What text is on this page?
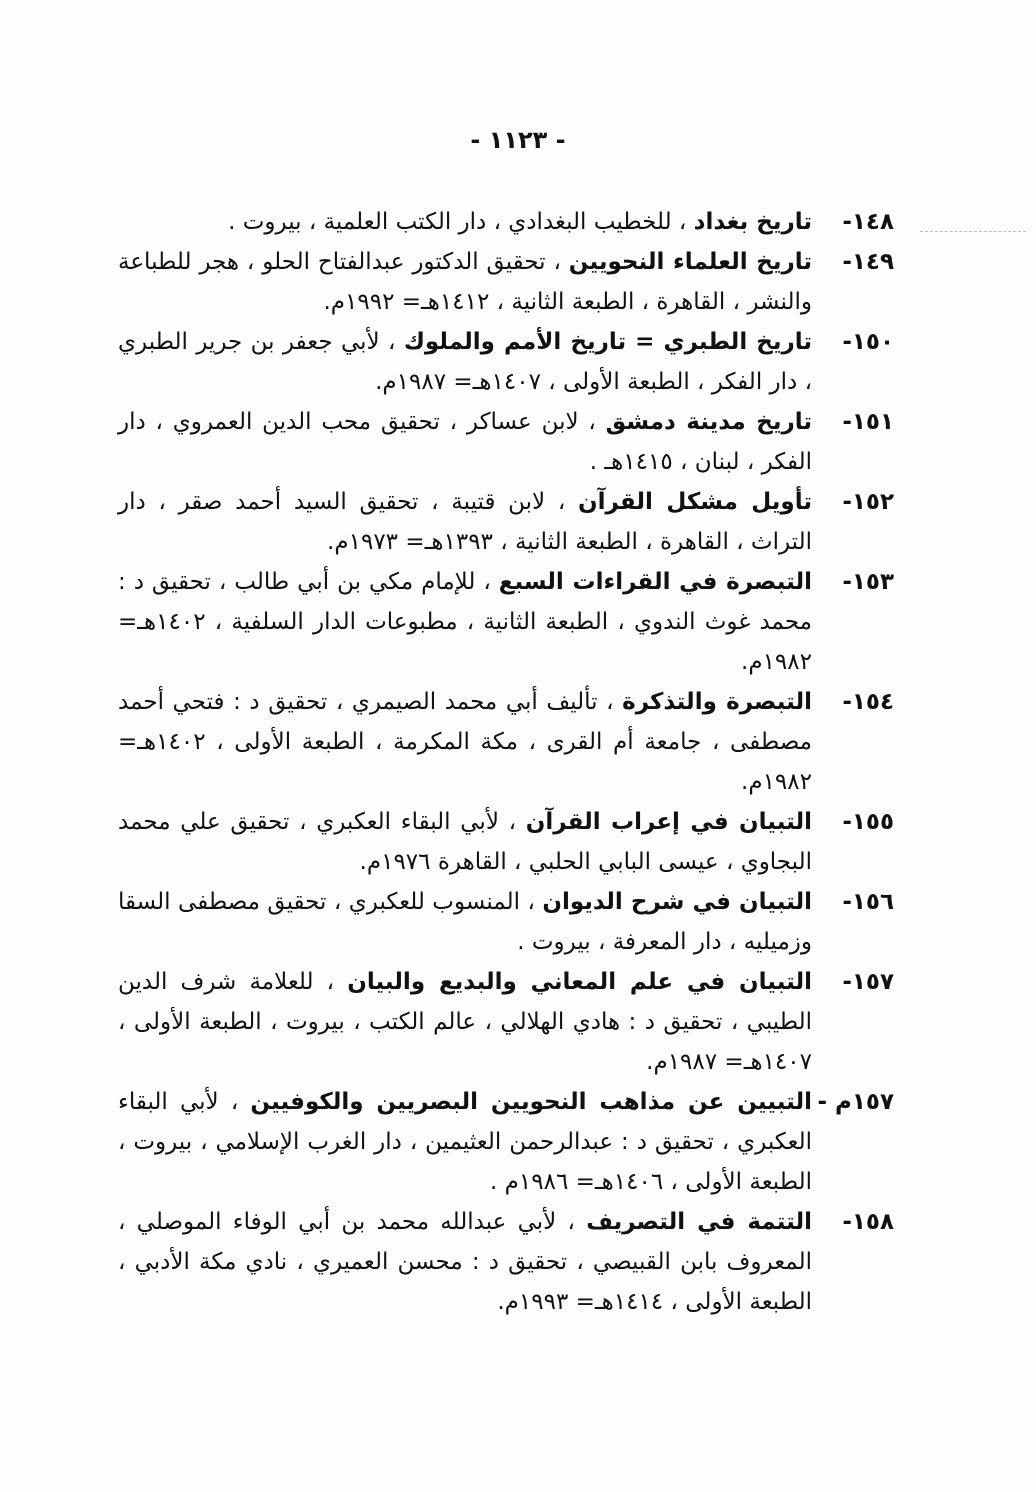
- ١١٢٣ -
١٤٨-
تاريخ بغداد ، للخطيب البغدادي ، دار الكتب العلمية ، بيروت .
١٤٩-
تاريخ العلماء النحويين ، تحقيق الدكتور عبدالفتاح الحلو ، هجر للطباعة والنشر ، القاهرة ، الطبعة الثانية ، ١٤١٢هـ= ١٩٩٢م.
١٥٠-
تاريخ الطبري = تاريخ الأمم والملوك ، لأبي جعفر بن جرير الطبري ، دار الفكر ، الطبعة الأولى ، ١٤٠٧هـ= ١٩٨٧م.
١٥١-
تاريخ مدينة دمشق ، لابن عساكر ، تحقيق محب الدين العمروي ، دار الفكر ، لبنان ، ١٤١٥هـ .
١٥٢-
تأويل مشكل القرآن ، لابن قتيبة ، تحقيق السيد أحمد صقر ، دار التراث ، القاهرة ، الطبعة الثانية ، ١٣٩٣هـ= ١٩٧٣م.
١٥٣-
التبصرة في القراءات السبع ، للإمام مكي بن أبي طالب ، تحقيق د : محمد غوث الندوي ، الطبعة الثانية ، مطبوعات الدار السلفية ، ١٤٠٢هـ= ١٩٨٢م.
١٥٤-
التبصرة والتذكرة ، تأليف أبي محمد الصيمري ، تحقيق د : فتحي أحمد مصطفى ، جامعة أم القرى ، مكة المكرمة ، الطبعة الأولى ، ١٤٠٢هـ= ١٩٨٢م.
١٥٥-
التبيان في إعراب القرآن ، لأبي البقاء العكبري ، تحقيق علي محمد البجاوي ، عيسى البابي الحلبي ، القاهرة ١٩٧٦م.
١٥٦-
التبيان في شرح الديوان ، المنسوب للعكبري ، تحقيق مصطفى السقا وزميليه ، دار المعرفة ، بيروت .
١٥٧-
التبيان في علم المعاني والبديع والبيان ، للعلامة شرف الدين الطيبي ، تحقيق د : هادي الهلالي ، عالم الكتب ، بيروت ، الطبعة الأولى ، ١٤٠٧هـ= ١٩٨٧م.
١٥٧م -
التبيين عن مذاهب النحويين البصريين والكوفيين ، لأبي البقاء العكبري ، تحقيق د : عبدالرحمن العثيمين ، دار الغرب الإسلامي ، بيروت ، الطبعة الأولى ، ١٤٠٦هـ= ١٩٨٦م .
١٥٨-
التتمة في التصريف ، لأبي عبدالله محمد بن أبي الوفاء الموصلي ، المعروف بابن القبيصي ، تحقيق د : محسن العميري ، نادي مكة الأدبي ، الطبعة الأولى ، ١٤١٤هـ= ١٩٩٣م.
